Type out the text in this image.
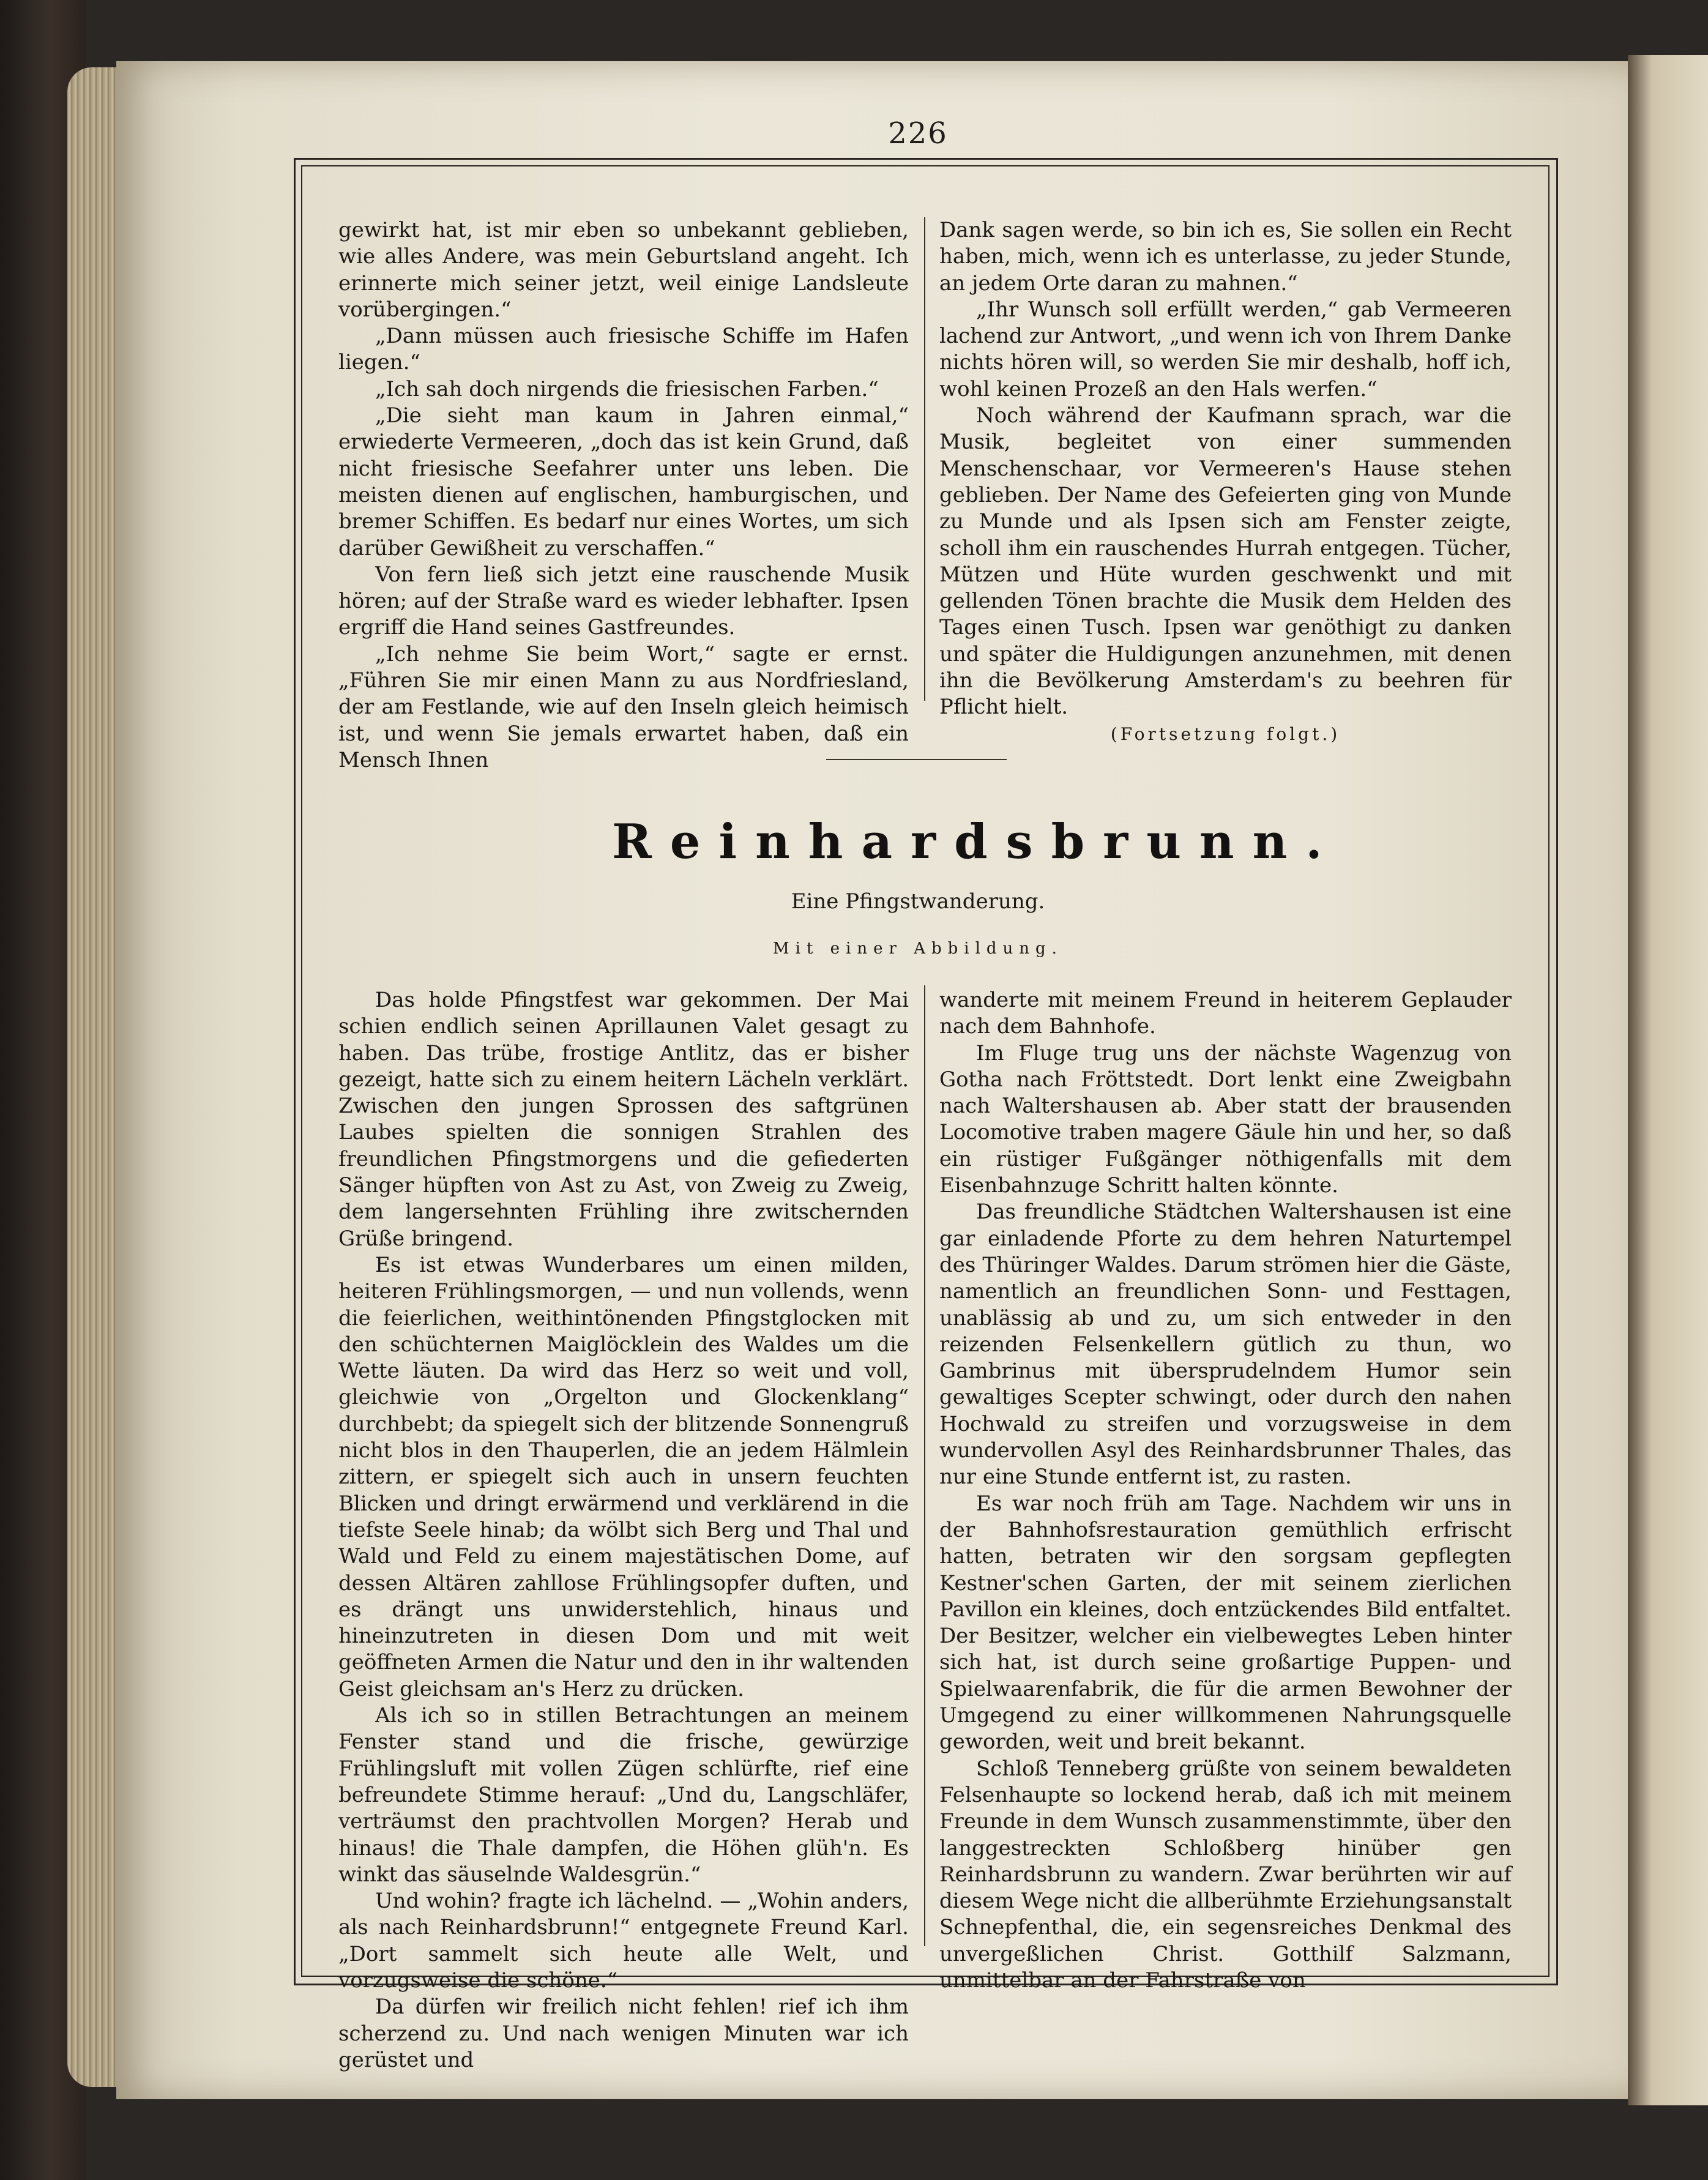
226

gewirkt hat, ist mir eben so unbekannt geblieben, wie alles Andere, was mein Geburtsland angeht. Ich erinnerte mich seiner jetzt, weil einige Landsleute vorübergingen.“

„Dann müssen auch friesische Schiffe im Hafen liegen.“

„Ich sah doch nirgends die friesischen Farben.“

„Die sieht man kaum in Jahren einmal,“ erwiederte Vermeeren, „doch das ist kein Grund, daß nicht friesische Seefahrer unter uns leben. Die meisten dienen auf englischen, hamburgischen, und bremer Schiffen. Es bedarf nur eines Wortes, um sich darüber Gewißheit zu verschaffen.“

Von fern ließ sich jetzt eine rauschende Musik hören; auf der Straße ward es wieder lebhafter. Ipsen ergriff die Hand seines Gastfreundes.

„Ich nehme Sie beim Wort,“ sagte er ernst. „Führen Sie mir einen Mann zu aus Nordfriesland, der am Festlande, wie auf den Inseln gleich heimisch ist, und wenn Sie jemals erwartet haben, daß ein Mensch Ihnen

Dank sagen werde, so bin ich es, Sie sollen ein Recht haben, mich, wenn ich es unterlasse, zu jeder Stunde, an jedem Orte daran zu mahnen.“

„Ihr Wunsch soll erfüllt werden,“ gab Vermeeren lachend zur Antwort, „und wenn ich von Ihrem Danke nichts hören will, so werden Sie mir deshalb, hoff ich, wohl keinen Prozeß an den Hals werfen.“

Noch während der Kaufmann sprach, war die Musik, begleitet von einer summenden Menschenschaar, vor Vermeeren's Hause stehen geblieben. Der Name des Gefeierten ging von Munde zu Munde und als Ipsen sich am Fenster zeigte, scholl ihm ein rauschendes Hurrah entgegen. Tücher, Mützen und Hüte wurden geschwenkt und mit gellenden Tönen brachte die Musik dem Helden des Tages einen Tusch. Ipsen war genöthigt zu danken und später die Huldigungen anzunehmen, mit denen ihn die Bevölkerung Amsterdam's zu beehren für Pflicht hielt.

(Fortsetzung folgt.)

Reinhardsbrunn.
Eine Pfingstwanderung.
Mit einer Abbildung.

Das holde Pfingstfest war gekommen. Der Mai schien endlich seinen Aprillaunen Valet gesagt zu haben. Das trübe, frostige Antlitz, das er bisher gezeigt, hatte sich zu einem heitern Lächeln verklärt. Zwischen den jungen Sprossen des saftgrünen Laubes spielten die sonnigen Strahlen des freundlichen Pfingstmorgens und die gefiederten Sänger hüpften von Ast zu Ast, von Zweig zu Zweig, dem langersehnten Frühling ihre zwitschernden Grüße bringend.

Es ist etwas Wunderbares um einen milden, heiteren Frühlingsmorgen, — und nun vollends, wenn die feierlichen, weithintönenden Pfingstglocken mit den schüchternen Maiglöcklein des Waldes um die Wette läuten. Da wird das Herz so weit und voll, gleichwie von „Orgelton und Glockenklang“ durchbebt; da spiegelt sich der blitzende Sonnengruß nicht blos in den Thauperlen, die an jedem Hälmlein zittern, er spiegelt sich auch in unsern feuchten Blicken und dringt erwärmend und verklärend in die tiefste Seele hinab; da wölbt sich Berg und Thal und Wald und Feld zu einem majestätischen Dome, auf dessen Altären zahllose Frühlingsopfer duften, und es drängt uns unwiderstehlich, hinaus und hineinzutreten in diesen Dom und mit weit geöffneten Armen die Natur und den in ihr waltenden Geist gleichsam an's Herz zu drücken.

Als ich so in stillen Betrachtungen an meinem Fenster stand und die frische, gewürzige Frühlingsluft mit vollen Zügen schlürfte, rief eine befreundete Stimme herauf: „Und du, Langschläfer, verträumst den prachtvollen Morgen? Herab und hinaus! die Thale dampfen, die Höhen glüh'n. Es winkt das säuselnde Waldesgrün.“

Und wohin? fragte ich lächelnd. — „Wohin anders, als nach Reinhardsbrunn!“ entgegnete Freund Karl. „Dort sammelt sich heute alle Welt, und vorzugsweise die schöne.“

Da dürfen wir freilich nicht fehlen! rief ich ihm scherzend zu. Und nach wenigen Minuten war ich gerüstet und

wanderte mit meinem Freund in heiterem Geplauder nach dem Bahnhofe.

Im Fluge trug uns der nächste Wagenzug von Gotha nach Fröttstedt. Dort lenkt eine Zweigbahn nach Waltershausen ab. Aber statt der brausenden Locomotive traben magere Gäule hin und her, so daß ein rüstiger Fußgänger nöthigenfalls mit dem Eisenbahnzuge Schritt halten könnte.

Das freundliche Städtchen Waltershausen ist eine gar einladende Pforte zu dem hehren Naturtempel des Thüringer Waldes. Darum strömen hier die Gäste, namentlich an freundlichen Sonn- und Festtagen, unablässig ab und zu, um sich entweder in den reizenden Felsenkellern gütlich zu thun, wo Gambrinus mit übersprudelndem Humor sein gewaltiges Scepter schwingt, oder durch den nahen Hochwald zu streifen und vorzugsweise in dem wundervollen Asyl des Reinhardsbrunner Thales, das nur eine Stunde entfernt ist, zu rasten.

Es war noch früh am Tage. Nachdem wir uns in der Bahnhofsrestauration gemüthlich erfrischt hatten, betraten wir den sorgsam gepflegten Kestner'schen Garten, der mit seinem zierlichen Pavillon ein kleines, doch entzückendes Bild entfaltet. Der Besitzer, welcher ein vielbewegtes Leben hinter sich hat, ist durch seine großartige Puppen- und Spielwaarenfabrik, die für die armen Bewohner der Umgegend zu einer willkommenen Nahrungsquelle geworden, weit und breit bekannt.

Schloß Tenneberg grüßte von seinem bewaldeten Felsenhaupte so lockend herab, daß ich mit meinem Freunde in dem Wunsch zusammenstimmte, über den langgestreckten Schloßberg hinüber gen Reinhardsbrunn zu wandern. Zwar berührten wir auf diesem Wege nicht die allberühmte Erziehungsanstalt Schnepfenthal, die, ein segensreiches Denkmal des unvergeßlichen Christ. Gotthilf Salzmann, unmittelbar an der Fahrstraße von
